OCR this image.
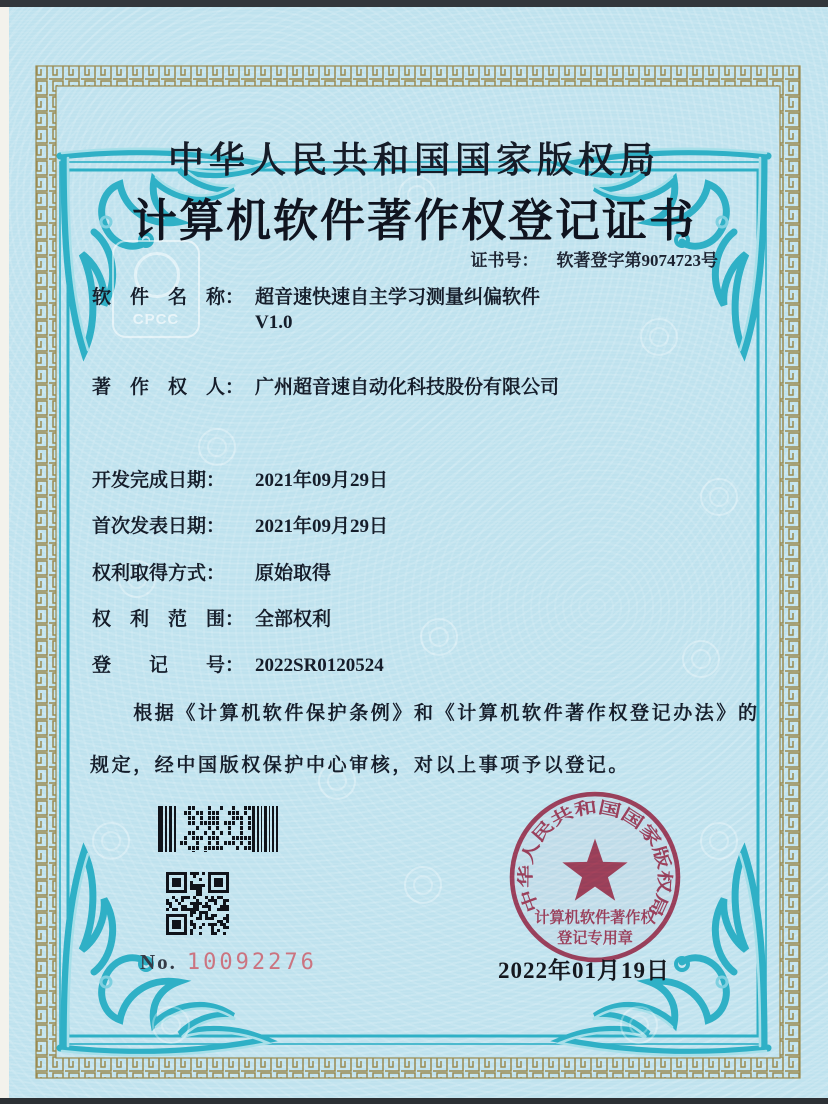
CPCC
中华人民共和国国家版权局
计算机软件著作权登记证书
证书号： 软著登字第9074723号
软　件　名　称： 超音速快速自主学习测量纠偏软件
V1.0
著　作　权　人： 广州超音速自动化科技股份有限公司
开发完成日期： 2021年09月29日
首次发表日期： 2021年09月29日
权利取得方式： 原始取得
权　利　范　围： 全部权利
登　　记　　号： 2022SR0120524
　　根据《计算机软件保护条例》和《计算机软件著作权登记办法》的
规定，经中国版权保护中心审核，对以上事项予以登记。
No. 10092276
中华人民共和国国家版权局
计算机软件著作权
登记专用章
2022年01月19日
